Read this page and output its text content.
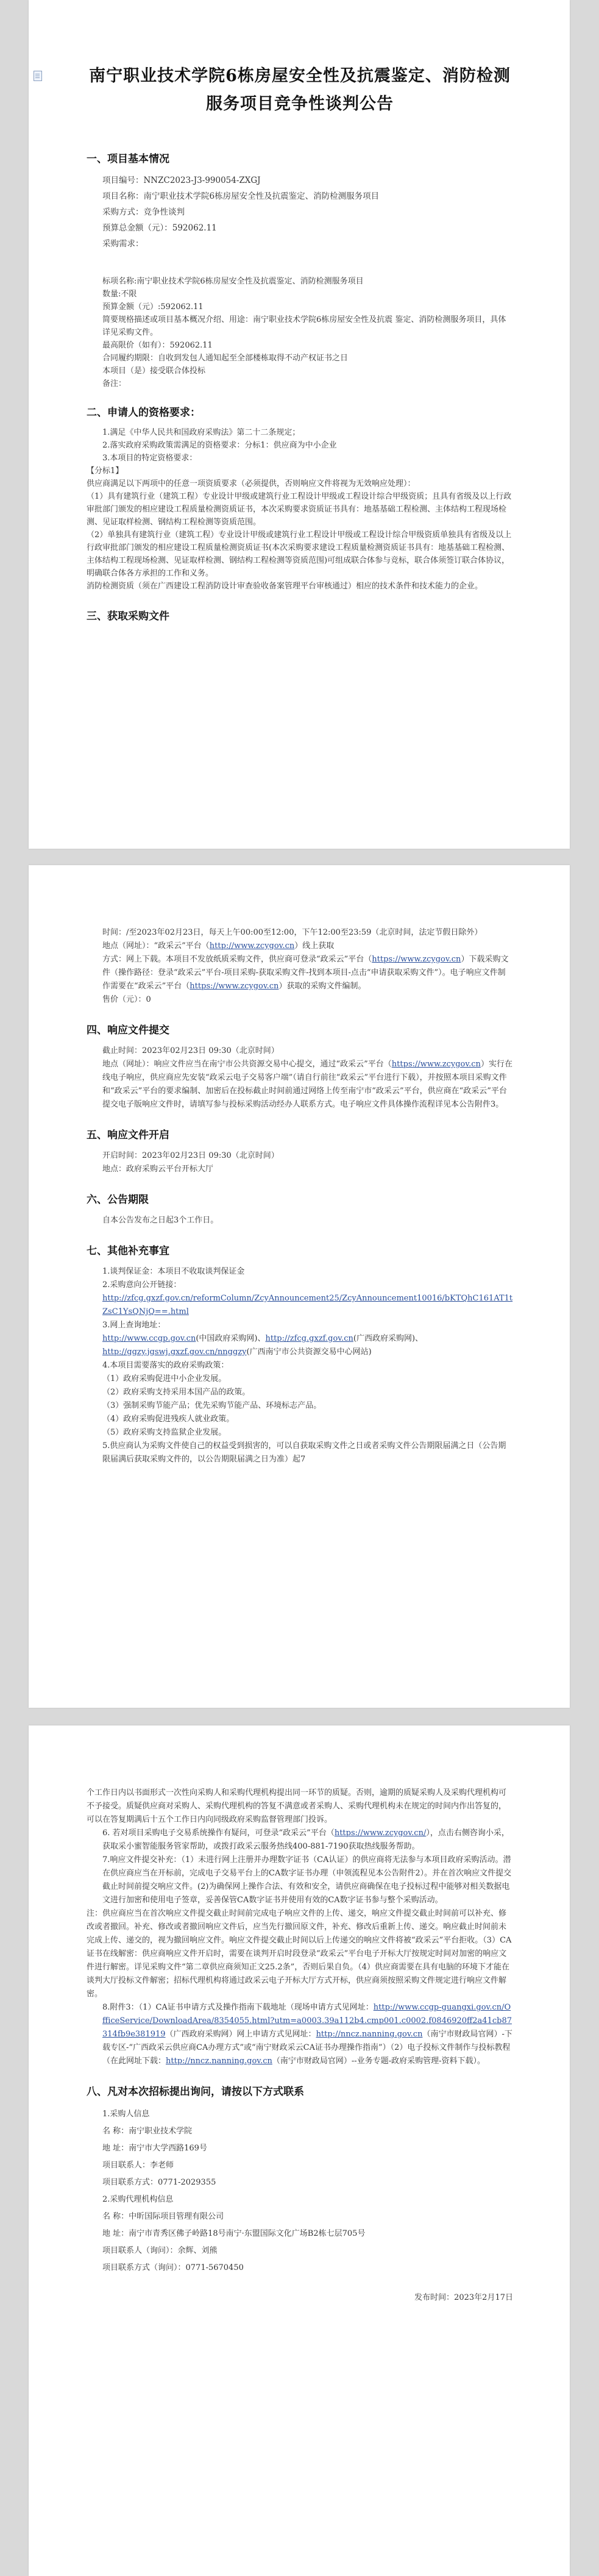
南宁职业技术学院6栋房屋安全性及抗震鉴定、消防检测服务项目竞争性谈判公告
一、项目基本情况

项目编号：NNZC2023-J3-990054-ZXGJ

项目名称：南宁职业技术学院6栋房屋安全性及抗震鉴定、消防检测服务项目

采购方式：竞争性谈判

预算总金额（元）：592062.11

采购需求：

标项名称:南宁职业技术学院6栋房屋安全性及抗震鉴定、消防检测服务项目

数量:不限

预算金额（元）:592062.11

简要规格描述或项目基本概况介绍、用途：南宁职业技术学院6栋房屋安全性及抗震 鉴定、消防检测服务项目，具体详见采购文件。

最高限价（如有）：592062.11

合同履约期限：自收到发包人通知起至全部楼栋取得不动产权证书之日

本项目（是）接受联合体投标

备注：

二、申请人的资格要求：

1.满足《中华人民共和国政府采购法》第二十二条规定；

2.落实政府采购政策需满足的资格要求：分标1：供应商为中小企业

3.本项目的特定资格要求：

【分标1】

供应商满足以下两项中的任意一项资质要求（必须提供，否则响应文件将视为无效响应处理）：

（1）具有建筑行业（建筑工程）专业设计甲级或建筑行业工程设计甲级或工程设计综合甲级资质；且具有省级及以上行政审批部门颁发的相应建设工程质量检测资质证书，本次采购要求资质证书具有：地基基础工程检测、主体结构工程现场检测、见证取样检测、钢结构工程检测等资质范围。

（2）单独具有建筑行业（建筑工程）专业设计甲级或建筑行业工程设计甲级或工程设计综合甲级资质单独具有省级及以上行政审批部门颁发的相应建设工程质量检测资质证书(本次采购要求建设工程质量检测资质证书具有：地基基础工程检测、主体结构工程现场检测、见证取样检测、钢结构工程检测等资质范围)可组成联合体参与竞标，联合体须签订联合体协议，明确联合体各方承担的工作和义务。

消防检测资质（须在广西建设工程消防设计审查验收备案管理平台审核通过）相应的技术条件和技术能力的企业。

三、获取采购文件

时间：/至2023年02月23日，每天上午00:00至12:00，下午12:00至23:59（北京时间，法定节假日除外）

地点（网址）：“政采云”平台（http://www.zcygov.cn）线上获取

方式：网上下载。本项目不发放纸质采购文件，供应商可登录“政采云”平台（https://www.zcygov.cn）下载采购文件（操作路径：登录“政采云”平台-项目采购-获取采购文件-找到本项目-点击“申请获取采购文件”）。电子响应文件制作需要在“政采云”平台（https://www.zcygov.cn）获取的采购文件编制。

售价（元）：0

四、响应文件提交

截止时间：2023年02月23日 09:30（北京时间）

地点（网址）：响应文件应当在南宁市公共资源交易中心提交，通过“政采云”平台（https://www.zcygov.cn）实行在线电子响应，供应商应先安装“政采云电子交易客户端”（请自行前往“政采云”平台进行下载），并按照本项目采购文件和“政采云”平台的要求编制、加密后在投标截止时间前通过网络上传至南宁市“政采云”平台，供应商在“政采云”平台提交电子版响应文件时，请填写参与投标采购活动经办人联系方式。电子响应文件具体操作流程详见本公告附件3。

五、响应文件开启

开启时间：2023年02月23日 09:30（北京时间）

地点：政府采购云平台开标大厅

六、公告期限

自本公告发布之日起3个工作日。

七、其他补充事宜

1.谈判保证金：本项目不收取谈判保证金

2.采购意向公开链接：

http://zfcg.gxzf.gov.cn/reformColumn/ZcyAnnouncement25/ZcyAnnouncement10016/bKTQhC161AT1tZsC1YsQNjQ==.html

3.网上查询地址：

http://www.ccgp.gov.cn(中国政府采购网)、http://zfcg.gxzf.gov.cn(广西政府采购网)、http://ggzy.jgswj.gxzf.gov.cn/nnggzy(广西南宁市公共资源交易中心网站)

4.本项目需要落实的政府采购政策：

（1）政府采购促进中小企业发展。

（2）政府采购支持采用本国产品的政策。

（3）强制采购节能产品；优先采购节能产品、环境标志产品。

（4）政府采购促进残疾人就业政策。

（5）政府采购支持监狱企业发展。

5.供应商认为采购文件使自己的权益受到损害的，可以自获取采购文件之日或者采购文件公告期限届满之日（公告期限届满后获取采购文件的，以公告期限届满之日为准）起7

个工作日内以书面形式一次性向采购人和采购代理机构提出同一环节的质疑。否则，逾期的质疑采购人及采购代理机构可不予接受。质疑供应商对采购人、采购代理机构的答复不满意或者采购人、采购代理机构未在规定的时间内作出答复的，可以在答复期满后十五个工作日内向同级政府采购监督管理部门投诉。

6. 若对项目采购电子交易系统操作有疑问，可登录“政采云”平台（https://www.zcygov.cn/），点击右侧咨询小采，获取采小蜜智能服务管家帮助，或拨打政采云服务热线400-881-7190获取热线服务帮助。

7.响应文件提交补充：（1）未进行网上注册并办理数字证书（CA认证）的供应商将无法参与本项目政府采购活动。潜在供应商应当在开标前，完成电子交易平台上的CA数字证书办理（申领流程见本公告附件2）。并在首次响应文件提交截止时间前提交响应文件。(2)为确保网上操作合法、有效和安全，请供应商确保在电子投标过程中能够对相关数据电文进行加密和使用电子签章，妥善保管CA数字证书并使用有效的CA数字证书参与整个采购活动。

注：供应商应当在首次响应文件提交截止时间前完成电子响应文件的上传、递交，响应文件提交截止时间前可以补充、修改或者撤回。补充、修改或者撤回响应文件后，应当先行撤回原文件，补充、修改后重新上传、递交。响应截止时间前未完成上传、递交的，视为撤回响应文件。响应文件提交截止时间以后上传递交的响应文件将被“政采云”平台拒收。（3）CA证书在线解密：供应商响应文件开启时，需要在谈判开启时段登录“政采云”平台电子开标大厅按规定时间对加密的响应文件进行解密。详见采购文件“第二章供应商须知正文25.2条”，否则后果自负。（4）供应商需要在具有电脑的环境下才能在谈判大厅投标文件解密；招标代理机构将通过政采云电子开标大厅方式开标，供应商须按照采购文件规定进行响应文件解密。

8.附件3：（1）CA证书申请方式及操作指南下载地址（现场申请方式见网址：http://www.ccgp-guangxi.gov.cn/OfficeService/DownloadArea/8354055.html?utm=a0003.39a112b4.cmp001.c0002.f0846920ff2a41cb87314fb9e381919（广西政府采购网）网上申请方式见网址：http://nncz.nanning.gov.cn（南宁市财政局官网）-下载专区-“广西政采云供应商CA办理方式”或“南宁财政采云CA证书办理操作指南”）（2）电子投标文件制作与投标教程（在此网址下载：http://nncz.nanning.gov.cn（南宁市财政局官网）--业务专题-政府采购管理-资料下载）。

八、凡对本次招标提出询问，请按以下方式联系

1.采购人信息

名 称：南宁职业技术学院

地 址：南宁市大学西路169号

项目联系人：李老师

项目联系方式：0771-2029355

2.采购代理机构信息

名 称：中昕国际项目管理有限公司

地 址：南宁市青秀区佛子岭路18号南宁·东盟国际文化广场B2栋七层705号

项目联系人（询问）：余辉、刘熊

项目联系方式（询问）：0771-5670450

发布时间：2023年2月17日
